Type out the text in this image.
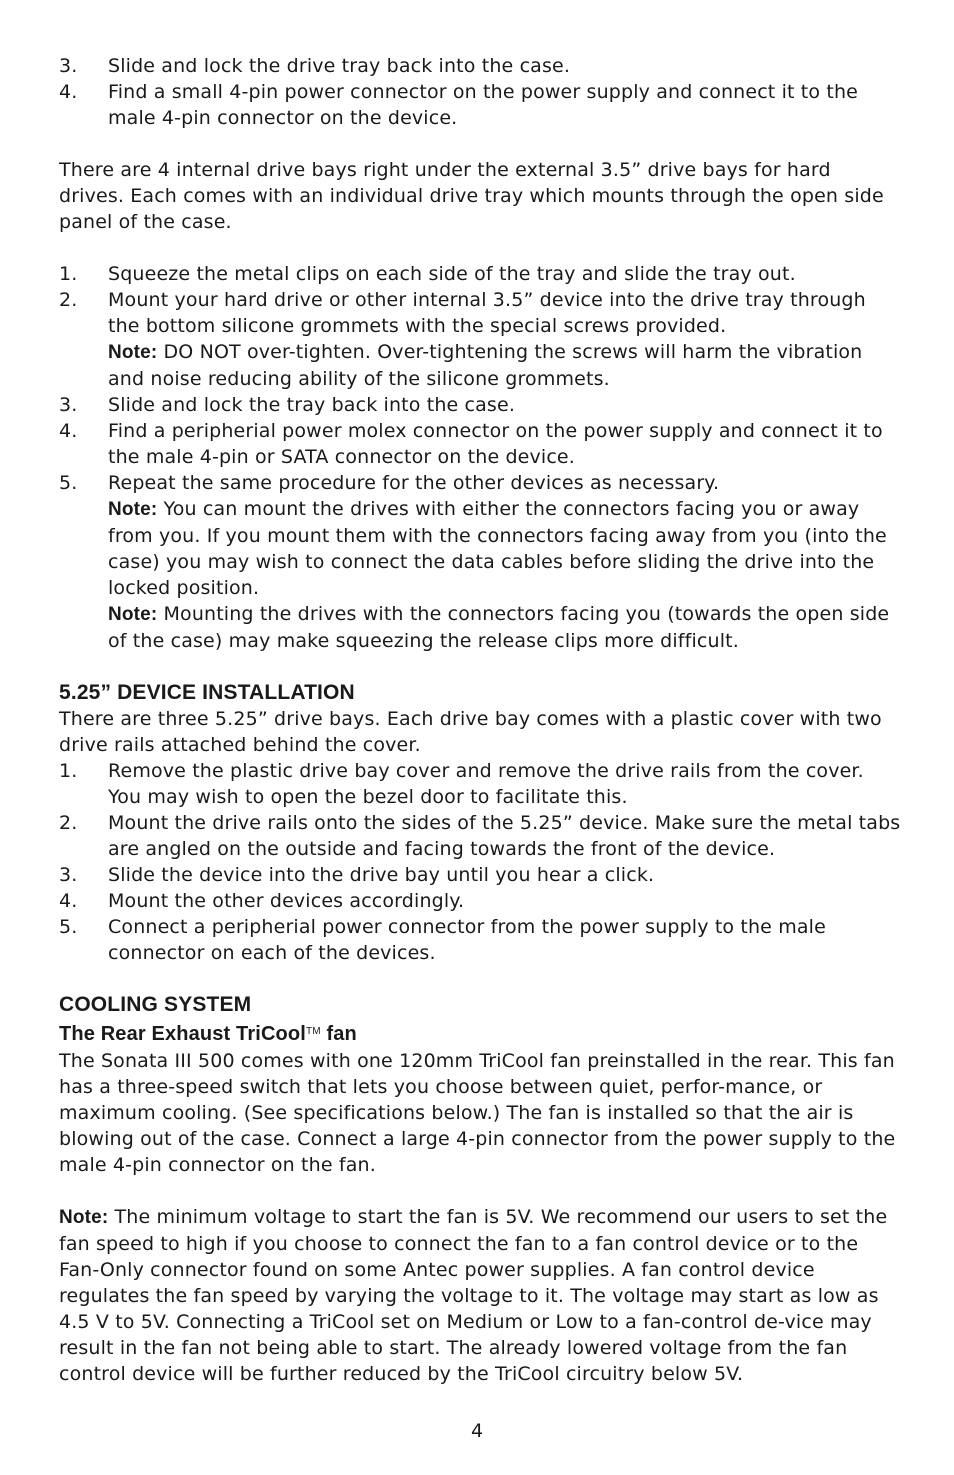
3.	Slide and lock the drive tray back into the case.
4.	Find a small 4-pin power connector on the power supply and connect it to the male 4-pin connector on the device.

There are 4 internal drive bays right under the external 3.5” drive bays for hard drives. Each comes with an individual drive tray which mounts through the open side panel of the case.

1.	Squeeze the metal clips on each side of the tray and slide the tray out.
2.	Mount your hard drive or other internal 3.5” device into the drive tray through the bottom silicone grommets with the special screws provided.
Note: DO NOT over-tighten. Over-tightening the screws will harm the vibration and noise reducing ability of the silicone grommets.
3.	Slide and lock the tray back into the case.
4.	Find a peripherial power molex connector on the power supply and connect it to the male 4-pin or SATA connector on the device.
5.	Repeat the same procedure for the other devices as necessary.
Note: You can mount the drives with either the connectors facing you or away from you. If you mount them with the connectors facing away from you (into the case) you may wish to connect the data cables before sliding the drive into the locked position.
Note: Mounting the drives with the connectors facing you (towards the open side of the case) may make squeezing the release clips more difficult.

5.25” DEVICE INSTALLATION

There are three 5.25” drive bays. Each drive bay comes with a plastic cover with two drive rails attached behind the cover.

1.	Remove the plastic drive bay cover and remove the drive rails from the cover. You may wish to open the bezel door to facilitate this.
2.	Mount the drive rails onto the sides of the 5.25” device. Make sure the metal tabs are angled on the outside and facing towards the front of the device.
3.	Slide the device into the drive bay until you hear a click.
4.	Mount the other devices accordingly.
5.	Connect a peripherial power connector from the power supply to the male connector on each of the devices.

COOLING SYSTEM

The Rear Exhaust TriCool™ fan

The Sonata III 500 comes with one 120mm TriCool fan preinstalled in the rear. This fan has a three-speed switch that lets you choose between quiet, perfor-mance, or maximum cooling. (See specifications below.) The fan is installed so that the air is blowing out of the case. Connect a large 4-pin connector from the power supply to the male 4-pin connector on the fan.

Note: The minimum voltage to start the fan is 5V. We recommend our users to set the fan speed to high if you choose to connect the fan to a fan control device or to the Fan-Only connector found on some Antec power supplies. A fan control device regulates the fan speed by varying the voltage to it. The voltage may start as low as 4.5 V to 5V. Connecting a TriCool set on Medium or Low to a fan-control de-vice may result in the fan not being able to start. The already lowered voltage from the fan control device will be further reduced by the TriCool circuitry below 5V.

4
